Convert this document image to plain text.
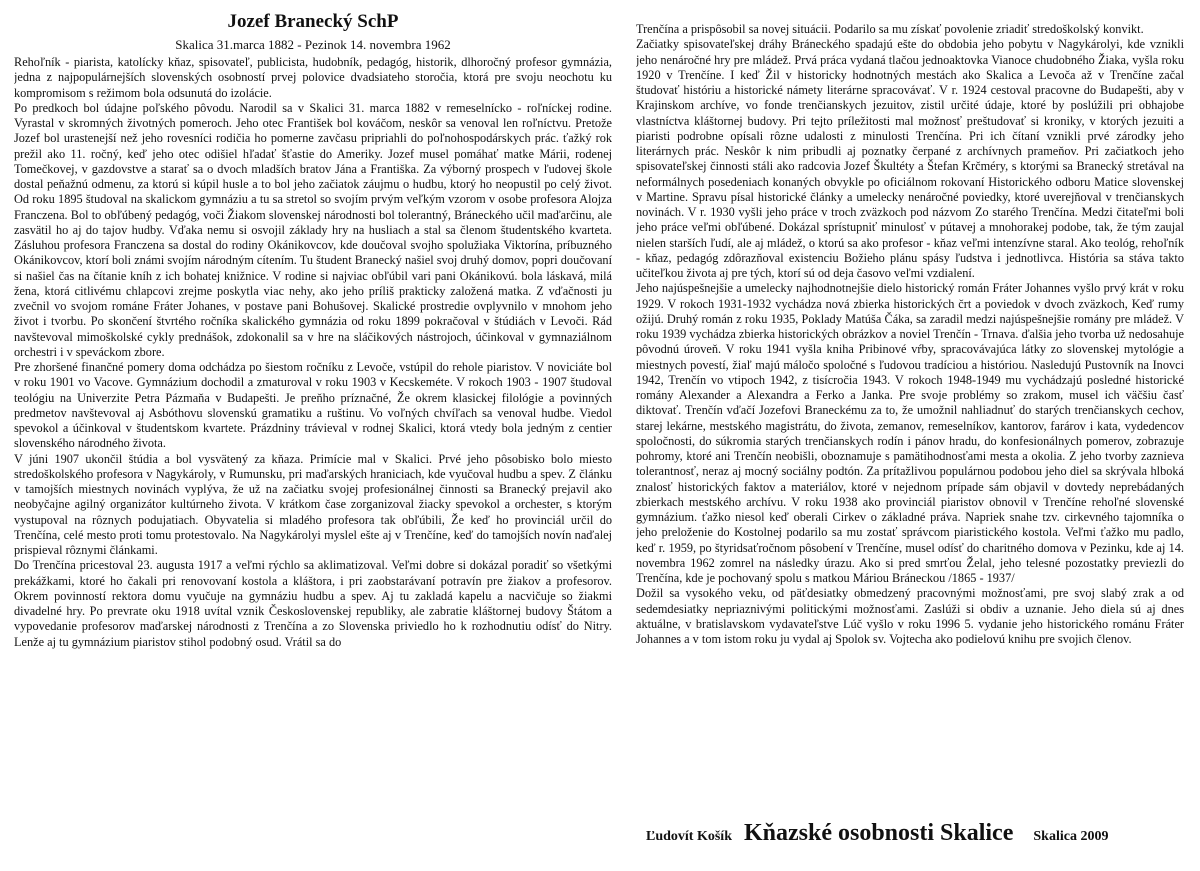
Jozef Branecký SchP
Skalica 31.marca 1882 - Pezinok 14. novembra 1962

Rehoľník - piarista, katolícky kňaz, spisovateľ, publicista, hudobník, pedagóg, historik, dlhoročný profesor gymnázia, jedna z najpopulárnejších slovenských osobností prvej polovice dvadsiateho storočia, ktorá pre svoju neochotu ku kompromisom s režimom bola odsunutá do izolácie.

Po predkoch bol údajne poľského pôvodu. Narodil sa v Skalici 31. marca 1882 v remeselnícko - roľníckej rodine. Vyrastal v skromných životných pomeroch. Jeho otec František bol kováčom, neskôr sa venoval len roľníctvu. Pretože Jozef bol urastenejší než jeho rovesníci rodičia ho pomerne zavčasu pripriahli do poľnohospodárskych prác. ťažký rok prežil ako 11. ročný, keď jeho otec odišiel hľadať šťastie do Ameriky. Jozef musel pomáhať matke Márii, rodenej Tomečkovej, v gazdovstve a starať sa o dvoch mladších bratov Jána a Františka. Za výborný prospech v ľudovej škole dostal peňažnú odmenu, za ktorú si kúpil husle a to bol jeho začiatok záujmu o hudbu, ktorý ho neopustil po celý život. Od roku 1895 študoval na skalickom gymnáziu a tu sa stretol so svojím prvým veľkým vzorom v osobe profesora Alojza Franczena. Bol to obľúbený pedagóg, voči Žiakom slovenskej národnosti bol tolerantný, Bráneckého učil maďarčinu, ale zasvätil ho aj do tajov hudby. Vďaka nemu si osvojil základy hry na husliach a stal sa členom študentského kvarteta. Zásluhou profesora Franczena sa dostal do rodiny Okánikovcov, kde doučoval svojho spolužiaka Viktorína, príbuzného Okánikovcov, ktorí boli známi svojím národným cítením. Tu študent Branecký našiel svoj druhý domov, popri doučovaní si našiel čas na čítanie kníh z ich bohatej knižnice. V rodine si najviac obľúbil vari pani Okánikovú. bola láskavá, milá žena, ktorá citlivému chlapcovi zrejme poskytla viac nehy, ako jeho príliš prakticky založená matka. Z vďačnosti ju zvečnil vo svojom románe Fráter Johanes, v postave pani Bohušovej. Skalické prostredie ovplyvnilo v mnohom jeho život i tvorbu. Po skončení štvrtého ročníka skalického gymnázia od roku 1899 pokračoval v štúdiách v Levoči. Rád navštevoval mimoškolské cykly prednášok, zdokonalil sa v hre na sláčikových nástrojoch, účinkoval v gymnaziálnom orchestri i v speváckom zbore.

Pre zhoršené finančné pomery doma odchádza po šiestom ročníku z Levoče, vstúpil do rehole piaristov. V noviciáte bol v roku 1901 vo Vacove. Gymnázium dochodil a zmaturoval v roku 1903 v Kecskeméte. V rokoch 1903 - 1907 študoval teológiu na Univerzite Petra Pázmaňa v Budapešti. Je preňho príznačné, Že okrem klasickej filológie a povinných predmetov navštevoval aj Asbóthovu slovenskú gramatiku a ruštinu. Vo voľných chvíľach sa venoval hudbe. Viedol spevokol a účinkoval v študentskom kvartete. Prázdniny trávieval v rodnej Skalici, ktorá vtedy bola jedným z centier slovenského národného života.

V júni 1907 ukončil štúdia a bol vysvätený za kňaza. Primície mal v Skalici. Prvé jeho pôsobisko bolo miesto stredoškolského profesora v Nagykároly, v Rumunsku, pri maďarských hraniciach, kde vyučoval hudbu a spev. Z článku v tamojších miestnych novinách vyplýva, že už na začiatku svojej profesionálnej činnosti sa Branecký prejavil ako neobyčajne agilný organizátor kultúrneho života. V krátkom čase zorganizoval žiacky spevokol a orchester, s ktorým vystupoval na rôznych podujatiach. Obyvatelia si mladého profesora tak obľúbili, Že keď ho provinciál určil do Trenčína, celé mesto proti tomu protestovalo. Na Nagykárolyi myslel ešte aj v Trenčíne, keď do tamojších novín naďalej prispieval rôznymi článkami.

Do Trenčína pricestoval 23. augusta 1917 a veľmi rýchlo sa aklimatizoval. Veľmi dobre si dokázal poradiť so všetkými prekážkami, ktoré ho čakali pri renovovaní kostola a kláštora, i pri zaobstarávaní potravín pre žiakov a profesorov. Okrem povinností rektora domu vyučuje na gymnáziu hudbu a spev. Aj tu zakladá kapelu a nacvičuje so žiakmi divadelné hry. Po prevrate oku 1918 uvítal vznik Československej republiky, ale zabratie kláštornej budovy Štátom a vypovedanie profesorov maďarskej národnosti z Trenčína a zo Slovenska priviedlo ho k rozhodnutiu odísť do Nitry. Lenže aj tu gymnázium piaristov stihol podobný osud. Vrátil sa do

Trenčína a prispôsobil sa novej situácii. Podarilo sa mu získať povolenie zriadiť stredoškolský konvikt.

Začiatky spisovateľskej dráhy Bráneckého spadajú ešte do obdobia jeho pobytu v Nagykárolyi, kde vznikli jeho nenáročné hry pre mládež. Prvá práca vydaná tlačou jednoaktovka Vianoce chudobného Žiaka, vyšla roku 1920 v Trenčíne. I keď Žil v historicky hodnotných mestách ako Skalica a Levoča až v Trenčíne začal študovať históriu a historické námety literárne spracovávať. V r. 1924 cestoval pracovne do Budapešti, aby v Krajinskom archíve, vo fonde trenčianskych jezuitov, zistil určité údaje, ktoré by poslúžili pri obhajobe vlastníctva kláštornej budovy. Pri tejto príležitosti mal možnosť preštudovať si kroniky, v ktorých jezuiti a piaristi podrobne opísali rôzne udalosti z minulosti Trenčína. Pri ich čítaní vznikli prvé zárodky jeho literárnych prác. Neskôr k nim pribudli aj poznatky čerpané z archívnych prameňov. Pri začiatkoch jeho spisovateľskej činnosti stáli ako radcovia Jozef Škultéty a Štefan Krčméry, s ktorými sa Branecký stretával na neformálnych posedeniach konaných obvykle po oficiálnom rokovaní Historického odboru Matice slovenskej v Martine. Spravu písal historické články a umelecky nenáročné poviedky, ktoré uverejňoval v trenčianskych novinách. V r. 1930 vyšli jeho práce v troch zväzkoch pod názvom Zo starého Trenčína. Medzi čitateľmi boli jeho práce veľmi obľúbené. Dokázal sprístupniť minulosť v pútavej a mnohorakej podobe, tak, že tým zaujal nielen starších ľudí, ale aj mládež, o ktorú sa ako profesor - kňaz veľmi intenzívne staral. Ako teológ, rehoľník - kňaz, pedagóg zdôrazňoval existenciu Božieho plánu spásy ľudstva i jednotlivca. História sa stáva takto učiteľkou života aj pre tých, ktorí sú od deja časovo veľmi vzdialení.

Jeho najúspešnejšie a umelecky najhodnotnejšie dielo historický román Fráter Johannes vyšlo prvý krát v roku 1929. V rokoch 1931-1932 vychádza nová zbierka historických črt a poviedok v dvoch zväzkoch, Keď rumy ožijú. Druhý román z roku 1935, Poklady Matúša Čáka, sa zaradil medzi najúspešnejšie romány pre mládež. V roku 1939 vychádza zbierka historických obrázkov a noviel Trenčín - Trnava. ďalšia jeho tvorba už nedosahuje pôvodnú úroveň. V roku 1941 vyšla kniha Pribinové vŕby, spracovávajúca látky zo slovenskej mytológie a miestnych povestí, žiaľ majú máločo spoločné s ľudovou tradíciou a históriou. Nasledujú Pustovník na Inovci 1942, Trenčín vo vtipoch 1942, z tisícročia 1943. V rokoch 1948-1949 mu vychádzajú posledné historické romány Alexander a Alexandra a Ferko a Janka. Pre svoje problémy so zrakom, musel ich väčšiu časť diktovať. Trenčín vďačí Jozefovi Braneckému za to, že umožnil nahliadnuť do starých trenčianskych cechov, starej lekárne, mestského magistrátu, do života, zemanov, remeselníkov, kantorov, farárov i kata, vydedencov spoločnosti, do súkromia starých trenčianskych rodín i pánov hradu, do konfesionálnych pomerov, zobrazuje pohromy, ktoré ani Trenčín neobišli, oboznamuje s pamätihodnosťami mesta a okolia. Z jeho tvorby zaznieva tolerantnosť, neraz aj mocný sociálny podtón. Za prítažlivou populárnou podobou jeho diel sa skrývala hlboká znalosť historických faktov a materiálov, ktoré v nejednom prípade sám objavil v dovtedy neprebádaných zbierkach mestského archívu. V roku 1938 ako provinciál piaristov obnovil v Trenčíne rehoľné slovenské gymnázium. ťažko niesol keď oberali Cirkev o základné práva. Napriek snahe tzv. cirkevného tajomníka o jeho preloženie do Kostolnej podarilo sa mu zostať správcom piaristického kostola. Veľmi ťažko mu padlo, keď r. 1959, po štyridsaťročnom pôsobení v Trenčíne, musel odísť do charitného domova v Pezinku, kde aj 14. novembra 1962 zomrel na následky úrazu. Ako si pred smrťou Želal, jeho telesné pozostatky previezli do Trenčína, kde je pochovaný spolu s matkou Máriou Bráneckou /1865 - 1937/

Dožil sa vysokého veku, od päťdesiatky obmedzený pracovnými možnosťami, pre svoj slabý zrak a od sedemdesiatky nepriaznivými politickými možnosťami. Zaslúži si obdiv a uznanie. Jeho diela sú aj dnes aktuálne, v bratislavskom vydavateľstve Lúč vyšlo v roku 1996 5. vydanie jeho historického románu Fráter Johannes a v tom istom roku ju vydal aj Spolok sv. Vojtecha ako podielovú knihu pre svojich členov.

Ľudovít Košík Kňazské osobnosti Skalice Skalica 2009
